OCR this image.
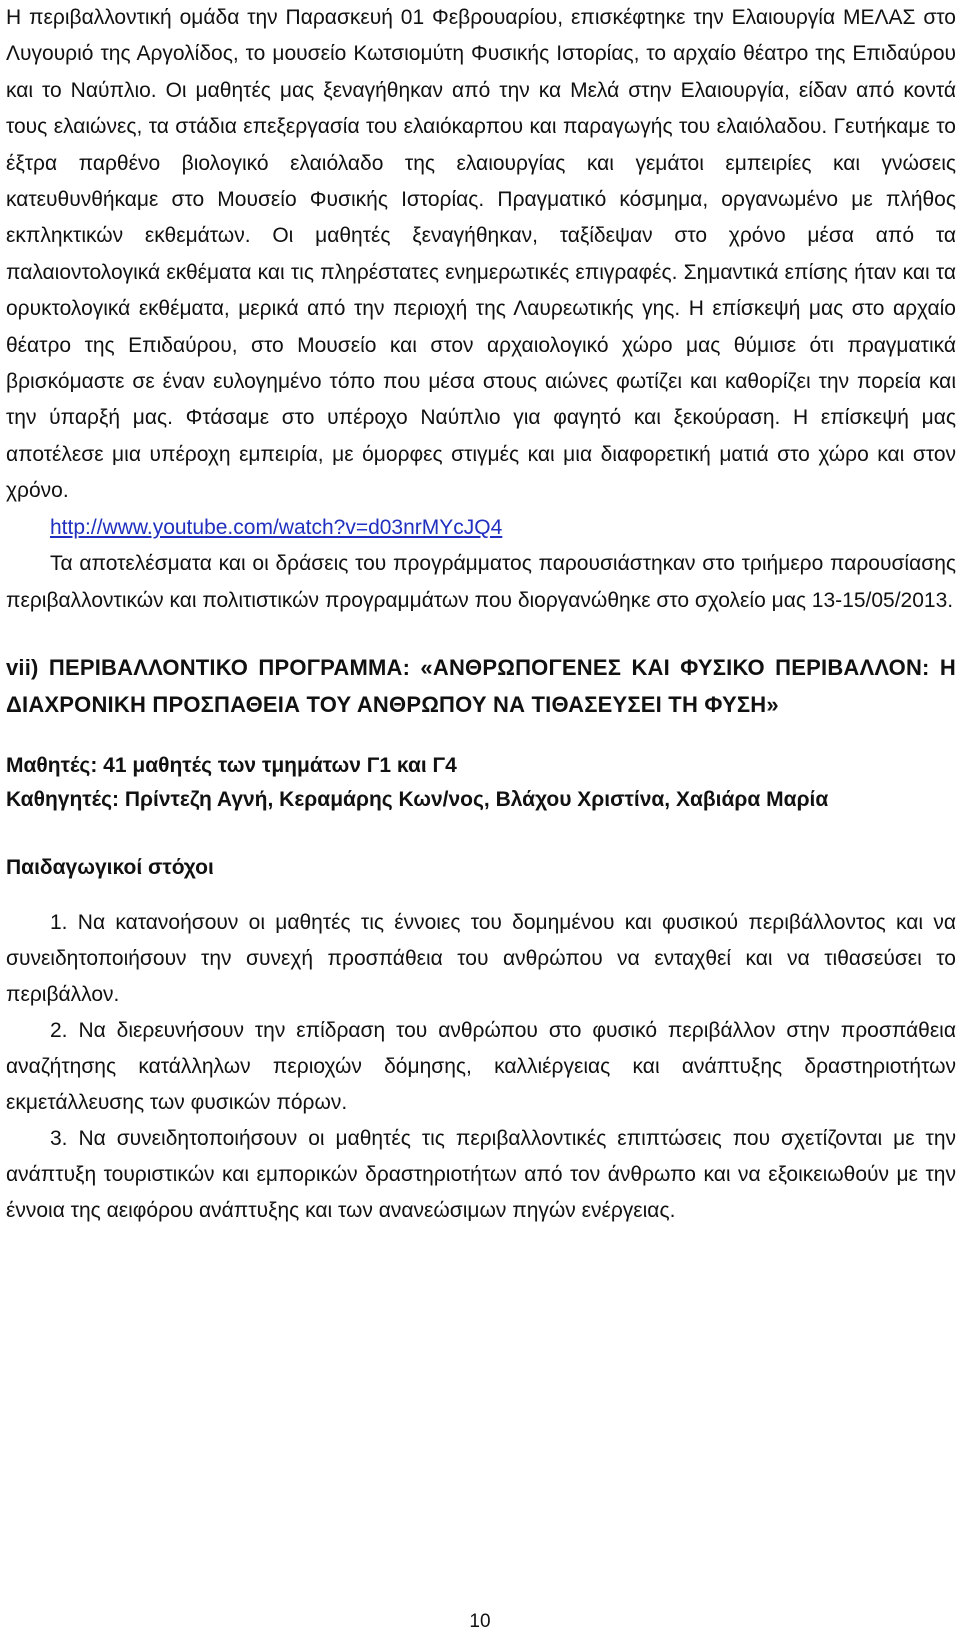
Η περιβαλλοντική ομάδα την Παρασκευή 01 Φεβρουαρίου, επισκέφτηκε την Ελαιουργία ΜΕΛΑΣ στο Λυγουριό της Αργολίδος, το μουσείο Κωτσιομύτη Φυσικής Ιστορίας, το αρχαίο θέατρο της Επιδαύρου και το Ναύπλιο. Οι μαθητές μας ξεναγήθηκαν από την κα Μελά στην Ελαιουργία, είδαν από κοντά τους ελαιώνες, τα στάδια επεξεργασία του ελαιόκαρπου και παραγωγής του ελαιόλαδου. Γευτήκαμε το έξτρα παρθένο βιολογικό ελαιόλαδο της ελαιουργίας και γεμάτοι εμπειρίες και γνώσεις κατευθυνθήκαμε στο Μουσείο Φυσικής Ιστορίας. Πραγματικό κόσμημα, οργανωμένο με πλήθος εκπληκτικών εκθεμάτων. Οι μαθητές ξεναγήθηκαν, ταξίδεψαν στο χρόνο μέσα από τα παλαιοντολογικά εκθέματα και τις πληρέστατες ενημερωτικές επιγραφές. Σημαντικά επίσης ήταν και τα ορυκτολογικά εκθέματα, μερικά από την περιοχή της Λαυρεωτικής γης. Η επίσκεψή μας στο αρχαίο θέατρο της Επιδαύρου, στο Μουσείο και στον αρχαιολογικό χώρο μας θύμισε ότι πραγματικά βρισκόμαστε σε έναν ευλογημένο τόπο που μέσα στους αιώνες φωτίζει και καθορίζει την πορεία και την ύπαρξή μας. Φτάσαμε στο υπέροχο Ναύπλιο για φαγητό και ξεκούραση. Η επίσκεψή μας αποτέλεσε μια υπέροχη εμπειρία, με όμορφες στιγμές και μια διαφορετική ματιά στο χώρο και στον χρόνο.

http://www.youtube.com/watch?v=d03nrMYcJQ4

Τα αποτελέσματα και οι δράσεις του προγράμματος παρουσιάστηκαν στο τριήμερο παρουσίασης περιβαλλοντικών και πολιτιστικών προγραμμάτων που διοργανώθηκε στο σχολείο μας 13-15/05/2013.

vii) ΠΕΡΙΒΑΛΛΟΝΤΙΚΟ ΠΡΟΓΡΑΜΜΑ: «ΑΝΘΡΩΠΟΓΕΝΕΣ ΚΑΙ ΦΥΣΙΚΟ ΠΕΡΙΒΑΛΛΟΝ: Η ΔΙΑΧΡΟΝΙΚΗ ΠΡΟΣΠΑΘΕΙΑ ΤΟΥ ΑΝΘΡΩΠΟΥ ΝΑ ΤΙΘΑΣΕΥΣΕΙ ΤΗ ΦΥΣΗ»

Μαθητές: 41 μαθητές των τμημάτων Γ1 και Γ4

Καθηγητές: Πρίντεζη Αγνή, Κεραμάρης Κων/νος, Βλάχου Χριστίνα, Χαβιάρα Μαρία

Παιδαγωγικοί στόχοι

1. Να κατανοήσουν οι μαθητές τις έννοιες του δομημένου και φυσικού περιβάλλοντος και να συνειδητοποιήσουν την συνεχή προσπάθεια του ανθρώπου να ενταχθεί και να τιθασεύσει το περιβάλλον.

2. Να διερευνήσουν την επίδραση του ανθρώπου στο φυσικό περιβάλλον στην προσπάθεια αναζήτησης κατάλληλων περιοχών δόμησης, καλλιέργειας και ανάπτυξης δραστηριοτήτων εκμετάλλευσης των φυσικών πόρων.

3. Να συνειδητοποιήσουν οι μαθητές τις περιβαλλοντικές επιπτώσεις που σχετίζονται με την ανάπτυξη τουριστικών και εμπορικών δραστηριοτήτων από τον άνθρωπο και να εξοικειωθούν με την έννοια της αειφόρου ανάπτυξης και των ανανεώσιμων πηγών ενέργειας.

10
